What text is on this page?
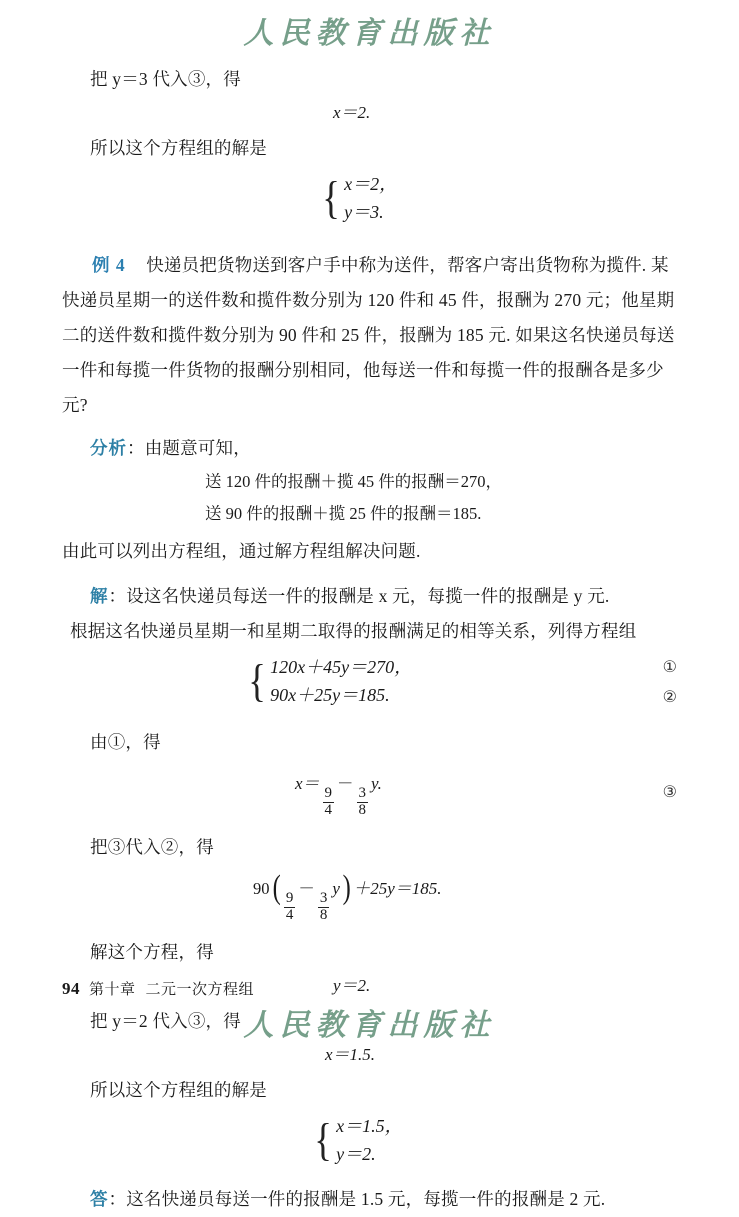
人民教育出版社

把 y＝3 代入③，得

x＝2.

所以这个方程组的解是

{ x＝2，
y＝3.

例 4 快递员把货物送到客户手中称为送件，帮客户寄出货物称为揽件. 某快递员星期一的送件数和揽件数分别为 120 件和 45 件，报酬为 270 元；他星期二的送件数和揽件数分别为 90 件和 25 件，报酬为 185 元. 如果这名快递员每送一件和每揽一件货物的报酬分别相同，他每送一件和每揽一件的报酬各是多少元?

分析：由题意可知，

送 120 件的报酬＋揽 45 件的报酬＝270，
送 90 件的报酬＋揽 25 件的报酬＝185.

由此可以列出方程组，通过解方程组解决问题.

解：设这名快递员每送一件的报酬是 x 元，每揽一件的报酬是 y 元.

根据这名快递员星期一和星期二取得的报酬满足的相等关系，列得方程组

{ 120x＋45y＝270，
90x＋25y＝185.
①
②

由①，得

x＝
$\frac{9}{4}$
－
$\frac{3}{8}$
y.	③

把③代入②，得

90(
$\frac{9}{4}$
－
$\frac{3}{8}$
y) ＋25y＝185.

解这个方程，得

y＝2.

把 y＝2 代入③，得

x＝1.5.

所以这个方程组的解是

{ x＝1.5，
y＝2.

答：这名快递员每送一件的报酬是 1.5 元，每揽一件的报酬是 2 元.

94 第十章 二元一次方程组
人民教育出版社
